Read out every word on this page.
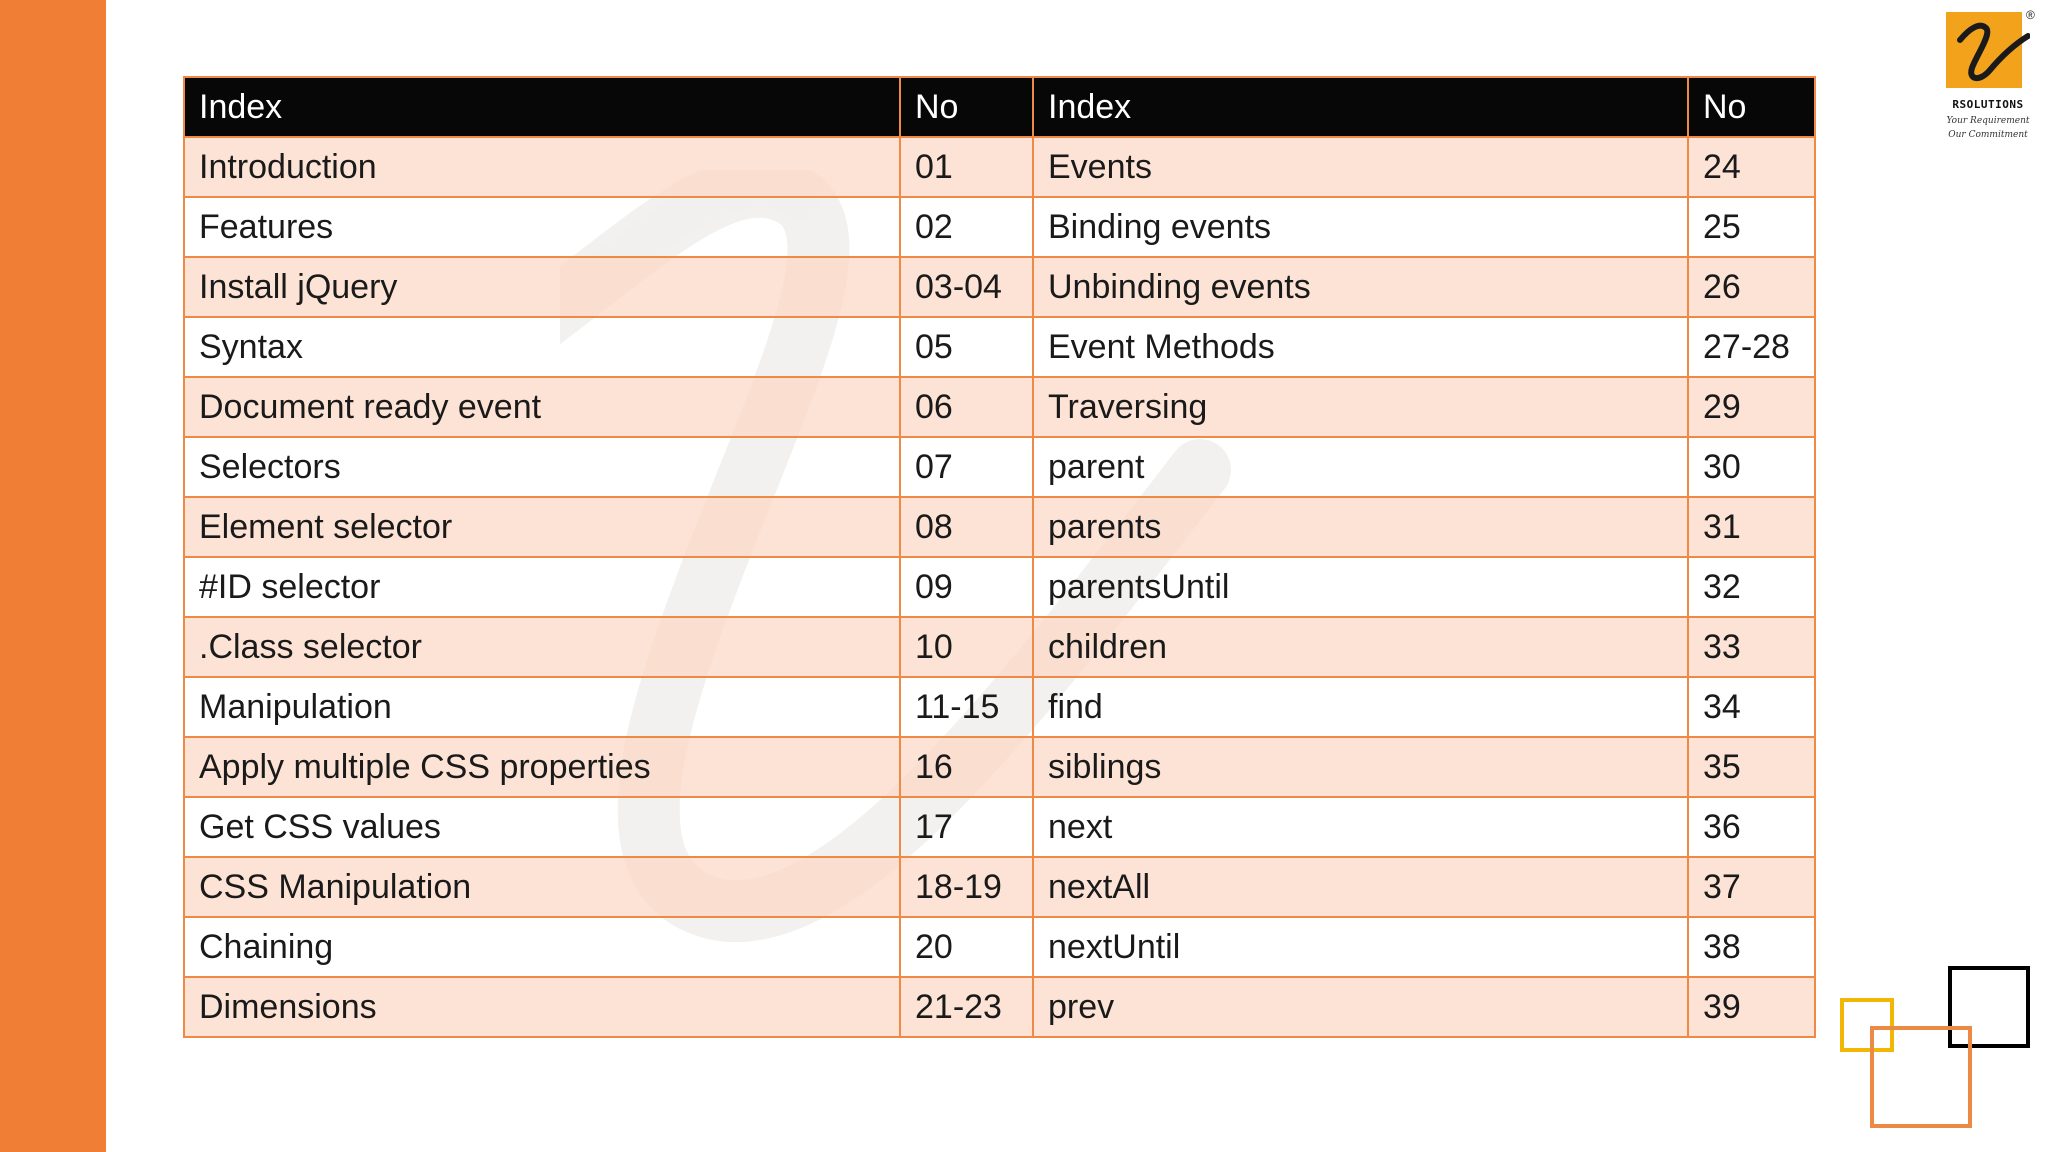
Index	No	Index	No
Introduction	01	Events	24
Features	02	Binding events	25
Install jQuery	03-04	Unbinding events	26
Syntax	05	Event Methods	27-28
Document ready event	06	Traversing	29
Selectors	07	parent	30
Element selector	08	parents	31
#ID selector	09	parentsUntil	32
.Class selector	10	children	33
Manipulation	11-15	find	34
Apply multiple CSS properties	16	siblings	35
Get CSS values	17	next	36
CSS Manipulation	18-19	nextAll	37
Chaining	20	nextUntil	38
Dimensions	21-23	prev	39
®
RSOLUTIONS
Your Requirement
Our Commitment
